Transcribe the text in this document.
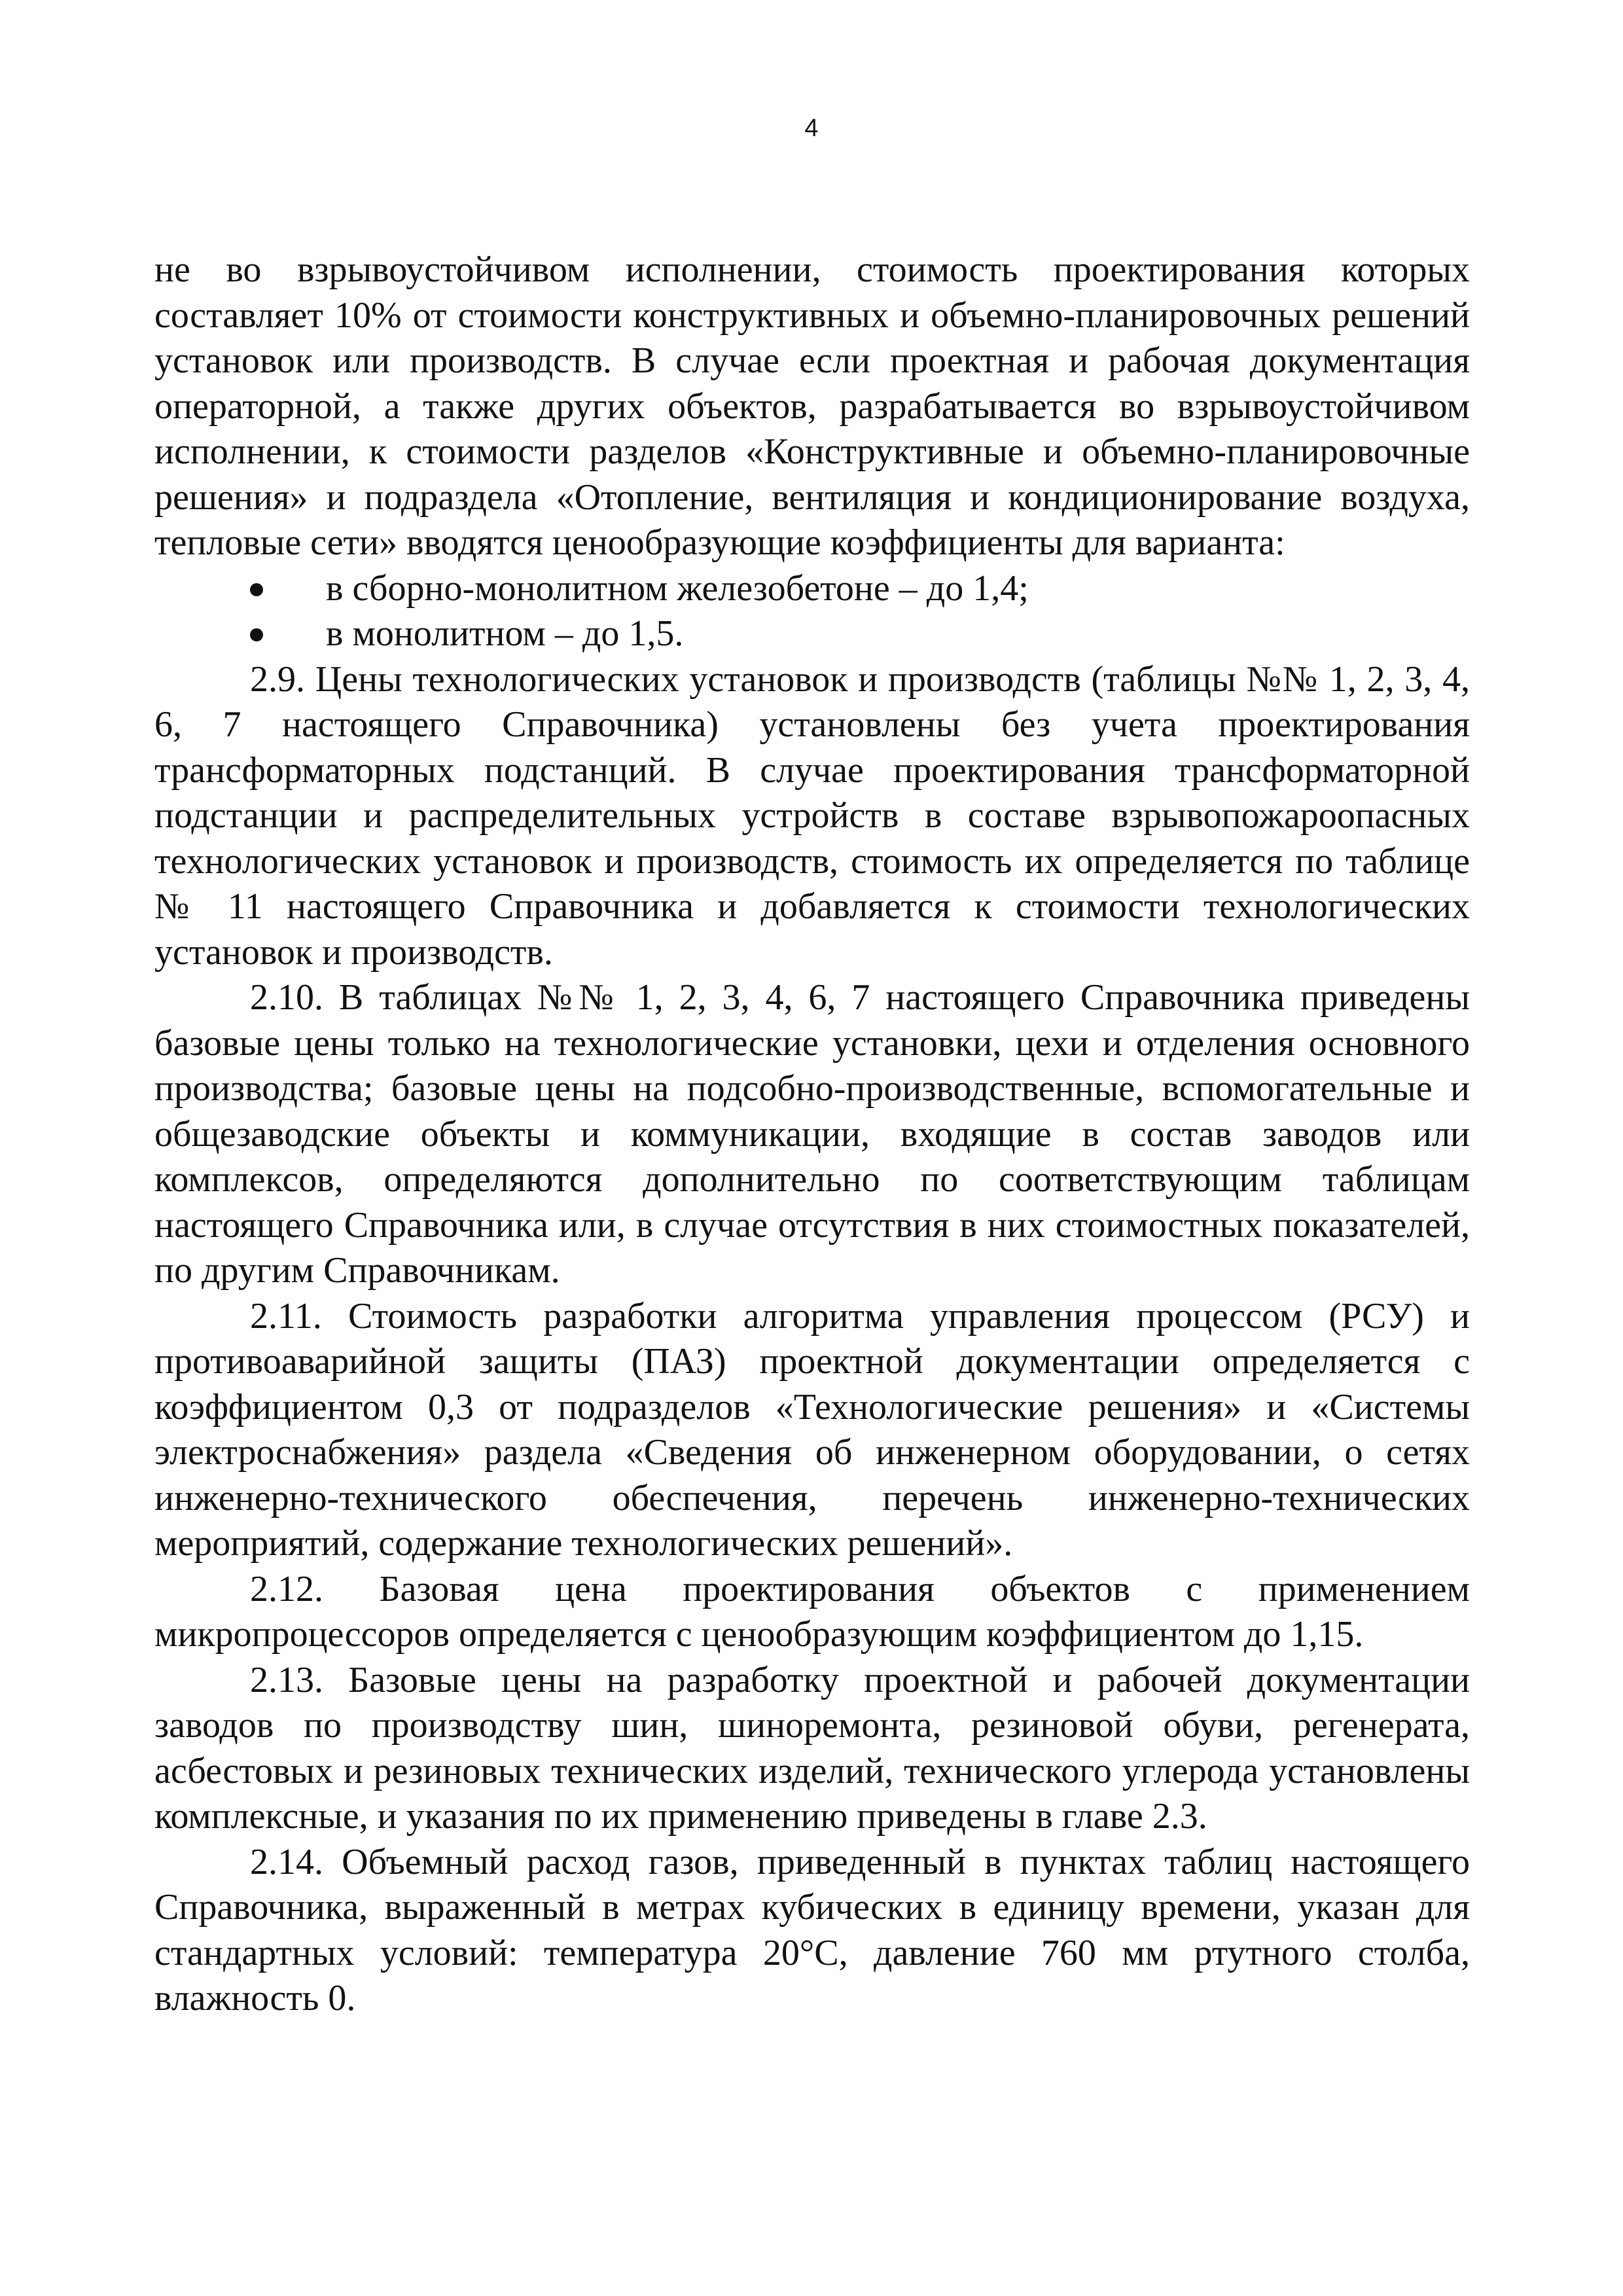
4

не во взрывоустойчивом исполнении, стоимость проектирования которых составляет 10% от стоимости конструктивных и объемно-планировочных решений установок или производств. В случае если проектная и рабочая документация операторной, а также других объектов, разрабатывается во взрывоустойчивом исполнении, к стоимости разделов «Конструктивные и объемно-планировочные решения» и подраздела «Отопление, вентиляция и кондиционирование воздуха, тепловые сети» вводятся ценообразующие коэффициенты для варианта:

в сборно-монолитном железобетоне – до 1,4;
в монолитном – до 1,5.

2.9. Цены технологических установок и производств (таблицы №№ 1, 2, 3, 4, 6, 7 настоящего Справочника) установлены без учета проектирования трансформаторных подстанций. В случае проектирования трансформаторной подстанции и распределительных устройств в составе взрывопожароопасных технологических установок и производств, стоимость их определяется по таблице № 11 настоящего Справочника и добавляется к стоимости технологических установок и производств.

2.10. В таблицах №№ 1, 2, 3, 4, 6, 7 настоящего Справочника приведены базовые цены только на технологические установки, цехи и отделения основного производства; базовые цены на подсобно-производственные, вспомогательные и общезаводские объекты и коммуникации, входящие в состав заводов или комплексов, определяются дополнительно по соответствующим таблицам настоящего Справочника или, в случае отсутствия в них стоимостных показателей, по другим Справочникам.

2.11. Стоимость разработки алгоритма управления процессом (РСУ) и противоаварийной защиты (ПАЗ) проектной документации определяется с коэффициентом 0,3 от подразделов «Технологические решения» и «Системы электроснабжения» раздела «Сведения об инженерном оборудовании, о сетях инженерно-технического обеспечения, перечень инженерно-технических мероприятий, содержание технологических решений».

2.12. Базовая цена проектирования объектов с применением микропроцессоров определяется с ценообразующим коэффициентом до 1,15.

2.13. Базовые цены на разработку проектной и рабочей документации заводов по производству шин, шиноремонта, резиновой обуви, регенерата, асбестовых и резиновых технических изделий, технического углерода установлены комплексные, и указания по их применению приведены в главе 2.3.

2.14. Объемный расход газов, приведенный в пунктах таблиц настоящего Справочника, выраженный в метрах кубических в единицу времени, указан для стандартных условий: температура 20°С, давление 760 мм ртутного столба, влажность 0.
